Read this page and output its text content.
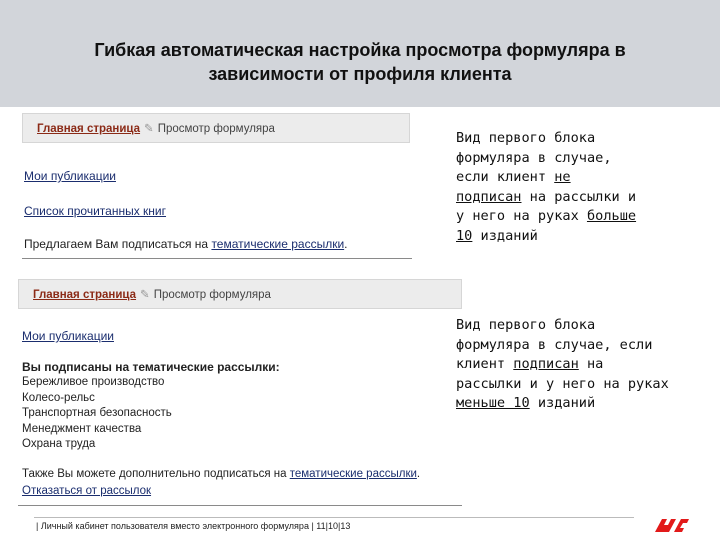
Гибкая автоматическая настройка просмотра формуляра в
зависимости от профиля клиента
Главная страница ✎ Просмотр формуляра
Мои публикации
Список прочитанных книг
Предлагаем Вам подписаться на тематические рассылки.
Главная страница ✎ Просмотр формуляра
Мои публикации
Вы подписаны на тематические рассылки:
Бережливое производство
Колесо-рельс
Транспортная безопасность
Менеджмент качества
Охрана труда
Также Вы можете дополнительно подписаться на тематические рассылки.
Отказаться от рассылок
Вид первого блока
формуляра в случае,
если клиент не
подписан на рассылки и
у него на руках больше
10 изданий
Вид первого блока
формуляра в случае, если
клиент подписан на
рассылки и у него на руках
меньше 10 изданий
| Личный кабинет пользователя вместо электронного формуляра | 11|10|13
